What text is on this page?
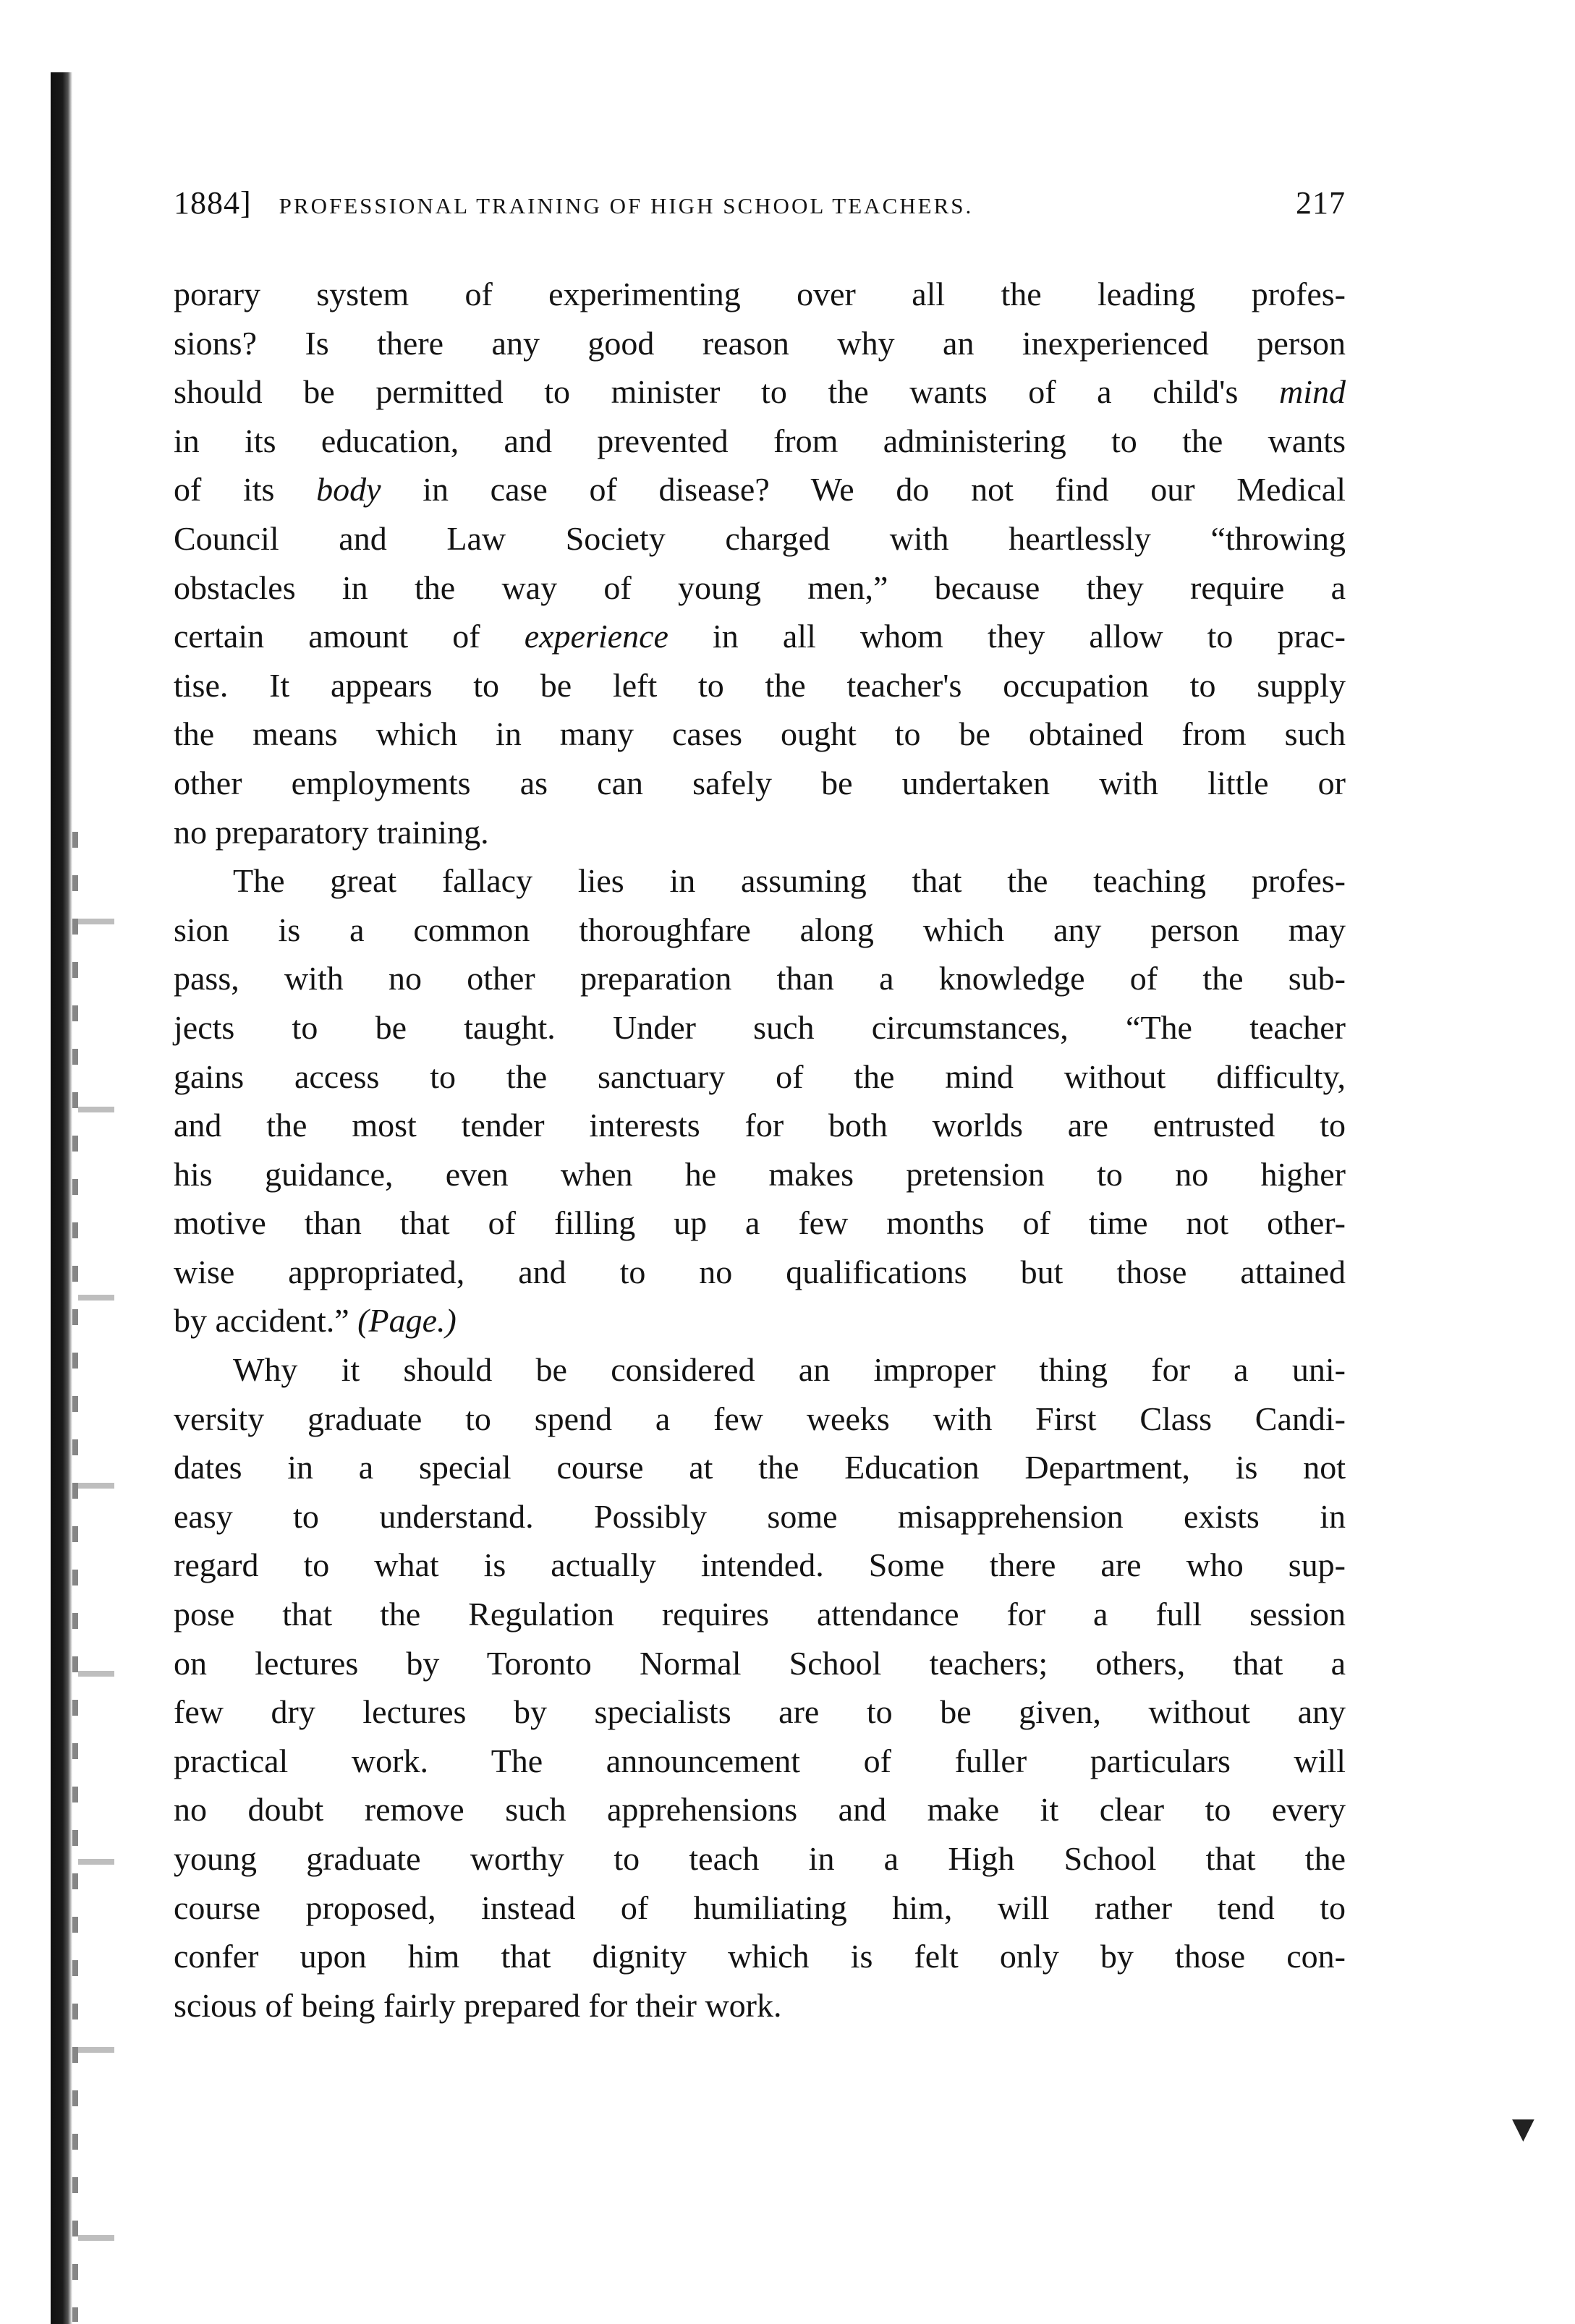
1884] PROFESSIONAL TRAINING OF HIGH SCHOOL TEACHERS.	217
porary system of experimenting over all the leading profes-
sions? Is there any good reason why an inexperienced person
should be permitted to minister to the wants of a child's mind
in its education, and prevented from administering to the wants
of its body in case of disease? We do not find our Medical
Council and Law Society charged with heartlessly “throwing
obstacles in the way of young men,” because they require a
certain amount of experience in all whom they allow to prac-
tise. It appears to be left to the teacher's occupation to supply
the means which in many cases ought to be obtained from such
other employments as can safely be undertaken with little or
no preparatory training.
The great fallacy lies in assuming that the teaching profes-
sion is a common thoroughfare along which any person may
pass, with no other preparation than a knowledge of the sub-
jects to be taught. Under such circumstances, “The teacher
gains access to the sanctuary of the mind without difficulty,
and the most tender interests for both worlds are entrusted to
his guidance, even when he makes pretension to no higher
motive than that of filling up a few months of time not other-
wise appropriated, and to no qualifications but those attained
by accident.” (Page.)
Why it should be considered an improper thing for a uni-
versity graduate to spend a few weeks with First Class Candi-
dates in a special course at the Education Department, is not
easy to understand. Possibly some misapprehension exists in
regard to what is actually intended. Some there are who sup-
pose that the Regulation requires attendance for a full session
on lectures by Toronto Normal School teachers; others, that a
few dry lectures by specialists are to be given, without any
practical work. The announcement of fuller particulars will
no doubt remove such apprehensions and make it clear to every
young graduate worthy to teach in a High School that the
course proposed, instead of humiliating him, will rather tend to
confer upon him that dignity which is felt only by those con-
scious of being fairly prepared for their work.
▼
